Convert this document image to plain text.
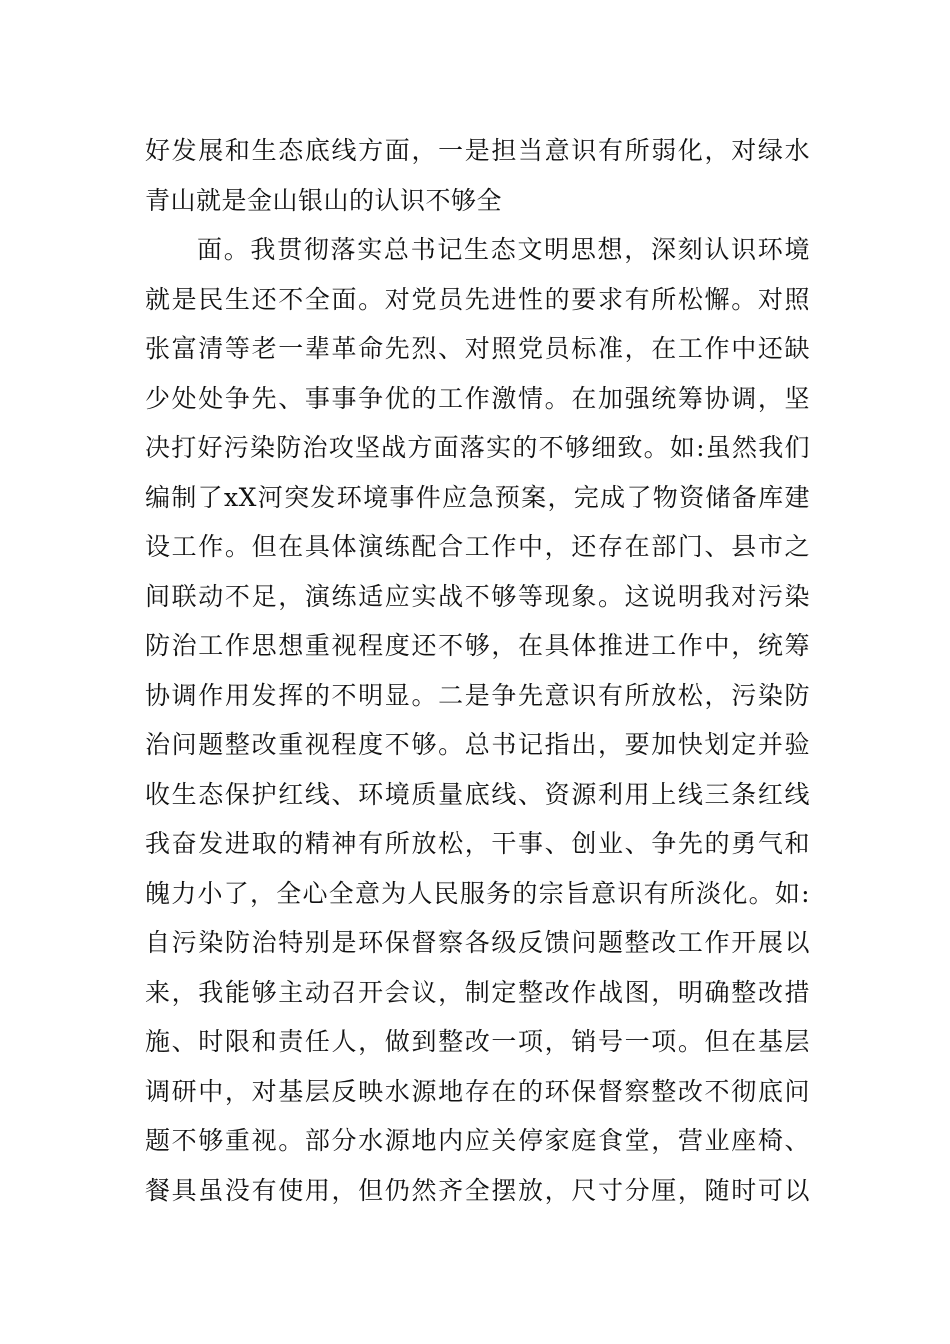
好发展和生态底线方面，一是担当意识有所弱化，对绿水
青山就是金山银山的认识不够全
面。我贯彻落实总书记生态文明思想，深刻认识环境
就是民生还不全面。对党员先进性的要求有所松懈。对照
张富清等老一辈革命先烈、对照党员标准，在工作中还缺
少处处争先、事事争优的工作激情。在加强统筹协调，坚
决打好污染防治攻坚战方面落实的不够细致。如:虽然我们
编制了xX河突发环境事件应急预案，完成了物资储备库建
设工作。但在具体演练配合工作中，还存在部门、县市之
间联动不足，演练适应实战不够等现象。这说明我对污染
防治工作思想重视程度还不够，在具体推进工作中，统筹
协调作用发挥的不明显。二是争先意识有所放松，污染防
治问题整改重视程度不够。总书记指出，要加快划定并验
收生态保护红线、环境质量底线、资源利用上线三条红线
我奋发进取的精神有所放松，干事、创业、争先的勇气和
魄力小了，全心全意为人民服务的宗旨意识有所淡化。如:
自污染防治特别是环保督察各级反馈问题整改工作开展以
来，我能够主动召开会议，制定整改作战图，明确整改措
施、时限和责任人，做到整改一项，销号一项。但在基层
调研中，对基层反映水源地存在的环保督察整改不彻底问
题不够重视。部分水源地内应关停家庭食堂，营业座椅、
餐具虽没有使用，但仍然齐全摆放，尺寸分厘，随时可以
